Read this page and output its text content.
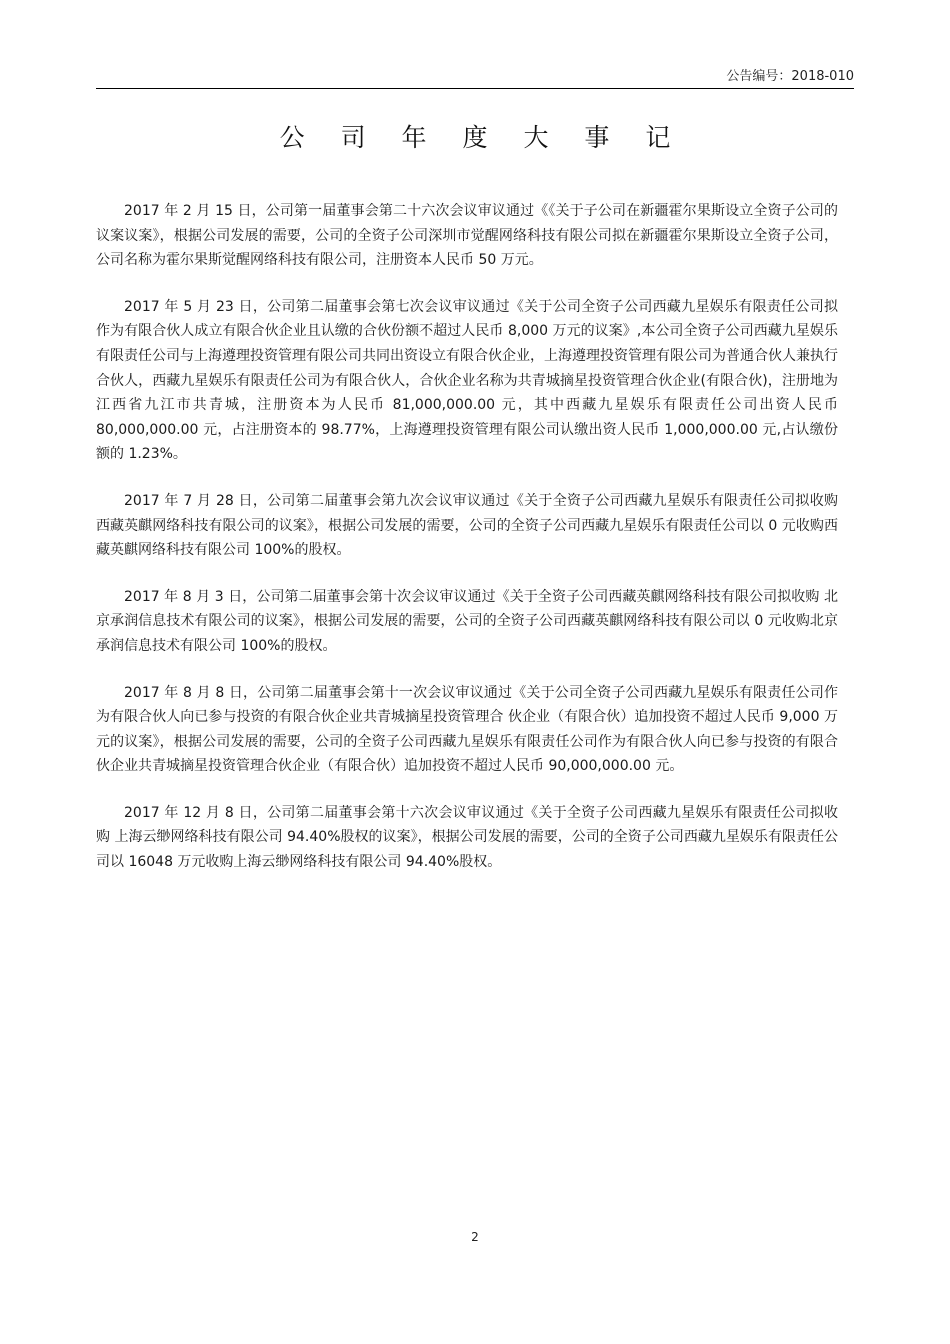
公告编号：2018-010
公 司 年 度 大 事 记

2017 年 2 月 15 日，公司第一届董事会第二十六次会议审议通过《《关于子公司在新疆霍尔果斯设立全资子公司的议案议案》，根据公司发展的需要，公司的全资子公司深圳市觉醒网络科技有限公司拟在新疆霍尔果斯设立全资子公司，公司名称为霍尔果斯觉醒网络科技有限公司，注册资本人民币 50 万元。

2017 年 5 月 23 日，公司第二届董事会第七次会议审议通过《关于公司全资子公司西藏九星娱乐有限责任公司拟作为有限合伙人成立有限合伙企业且认缴的合伙份额不超过人民币 8,000 万元的议案》,本公司全资子公司西藏九星娱乐有限责任公司与上海遵理投资管理有限公司共同出资设立有限合伙企业，上海遵理投资管理有限公司为普通合伙人兼执行合伙人，西藏九星娱乐有限责任公司为有限合伙人，合伙企业名称为共青城摘星投资管理合伙企业(有限合伙)，注册地为江西省九江市共青城，注册资本为人民币 81,000,000.00 元，其中西藏九星娱乐有限责任公司出资人民币 80,000,000.00 元，占注册资本的 98.77%，上海遵理投资管理有限公司认缴出资人民币 1,000,000.00 元,占认缴份额的 1.23%。

2017 年 7 月 28 日，公司第二届董事会第九次会议审议通过《关于全资子公司西藏九星娱乐有限责任公司拟收购 西藏英麒网络科技有限公司的议案》，根据公司发展的需要，公司的全资子公司西藏九星娱乐有限责任公司以 0 元收购西藏英麒网络科技有限公司 100%的股权。

2017 年 8 月 3 日，公司第二届董事会第十次会议审议通过《关于全资子公司西藏英麒网络科技有限公司拟收购 北京承润信息技术有限公司的议案》，根据公司发展的需要，公司的全资子公司西藏英麒网络科技有限公司以 0 元收购北京承润信息技术有限公司 100%的股权。

2017 年 8 月 8 日，公司第二届董事会第十一次会议审议通过《关于公司全资子公司西藏九星娱乐有限责任公司作 为有限合伙人向已参与投资的有限合伙企业共青城摘星投资管理合 伙企业（有限合伙）追加投资不超过人民币 9,000 万元的议案》，根据公司发展的需要，公司的全资子公司西藏九星娱乐有限责任公司作为有限合伙人向已参与投资的有限合伙企业共青城摘星投资管理合伙企业（有限合伙）追加投资不超过人民币 90,000,000.00 元。

2017 年 12 月 8 日，公司第二届董事会第十六次会议审议通过《关于全资子公司西藏九星娱乐有限责任公司拟收购 上海云缈网络科技有限公司 94.40%股权的议案》，根据公司发展的需要，公司的全资子公司西藏九星娱乐有限责任公司以 16048 万元收购上海云缈网络科技有限公司 94.40%股权。

2
